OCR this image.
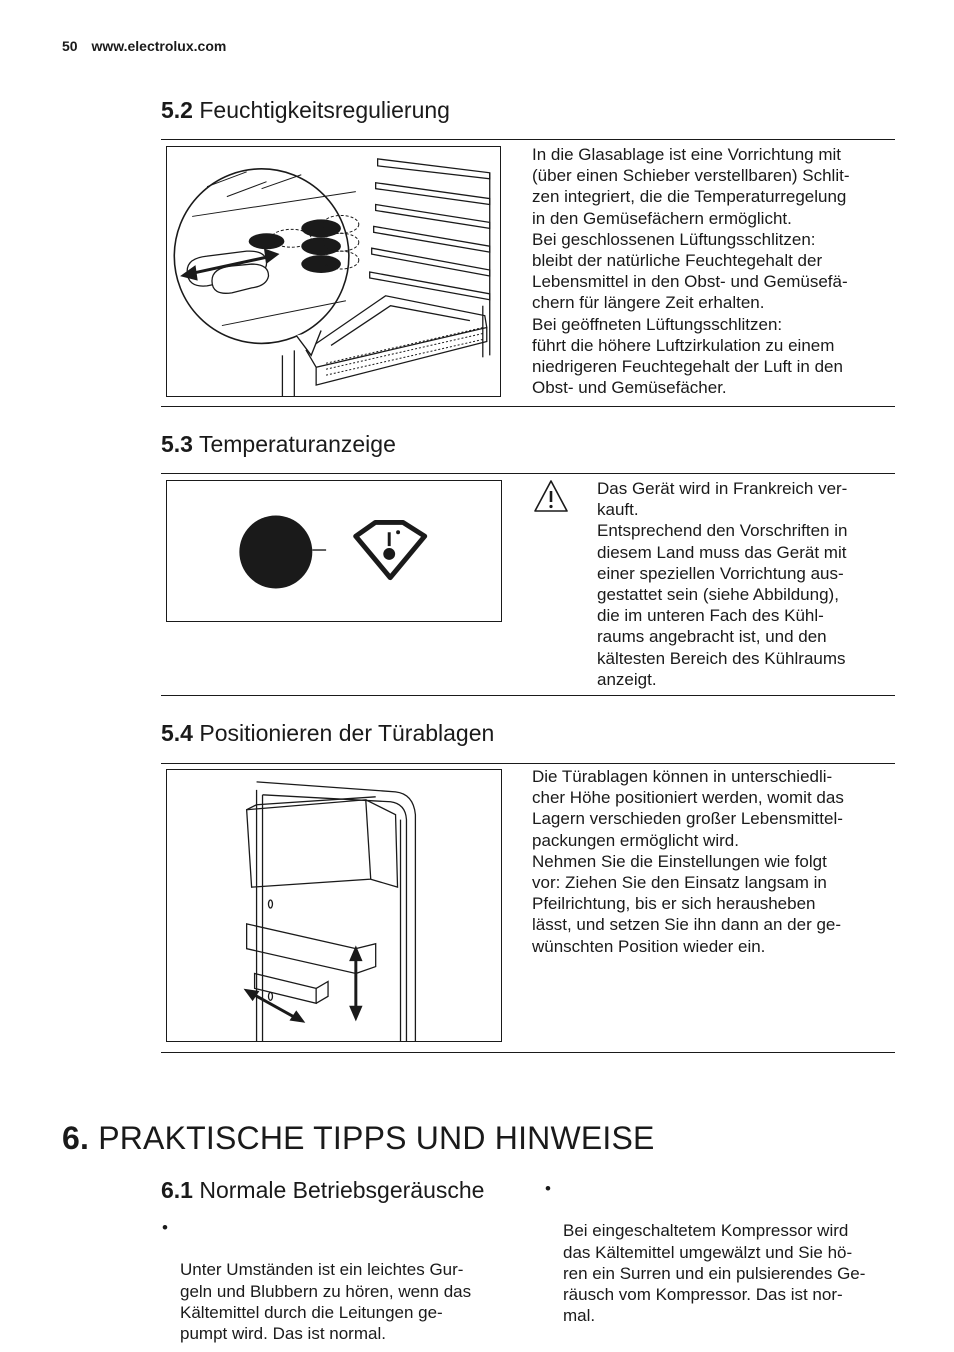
50 www.electrolux.com
5.2 Feuchtigkeitsregulierung

In die Glasablage ist eine Vorrichtung mit
(über einen Schieber verstellbaren) Schlit-
zen integriert, die die Temperaturregelung
in den Gemüsefächern ermöglicht.
Bei geschlossenen Lüftungsschlitzen:
bleibt der natürliche Feuchtegehalt der
Lebensmittel in den Obst- und Gemüsefä-
chern für längere Zeit erhalten.
Bei geöffneten Lüftungsschlitzen:
führt die höhere Luftzirkulation zu einem
niedrigeren Feuchtegehalt der Luft in den
Obst- und Gemüsefächer.

5.3 Temperaturanzeige

Das Gerät wird in Frankreich ver-
kauft.
Entsprechend den Vorschriften in
diesem Land muss das Gerät mit
einer speziellen Vorrichtung aus-
gestattet sein (siehe Abbildung),
die im unteren Fach des Kühl-
raums angebracht ist, und den
kältesten Bereich des Kühlraums
anzeigt.

5.4 Positionieren der Türablagen

Die Türablagen können in unterschiedli-
cher Höhe positioniert werden, womit das
Lagern verschieden großer Lebensmittel-
packungen ermöglicht wird.
Nehmen Sie die Einstellungen wie folgt
vor: Ziehen Sie den Einsatz langsam in
Pfeilrichtung, bis er sich herausheben
lässt, und setzen Sie ihn dann an der ge-
wünschten Position wieder ein.

6. PRAKTISCHE TIPPS UND HINWEISE
6.1 Normale Betriebsgeräusche

•

Unter Umständen ist ein leichtes Gur-
geln und Blubbern zu hören, wenn das
Kältemittel durch die Leitungen ge-
pumpt wird. Das ist normal.

•

Bei eingeschaltetem Kompressor wird
das Kältemittel umgewälzt und Sie hö-
ren ein Surren und ein pulsierendes Ge-
räusch vom Kompressor. Das ist nor-
mal.
